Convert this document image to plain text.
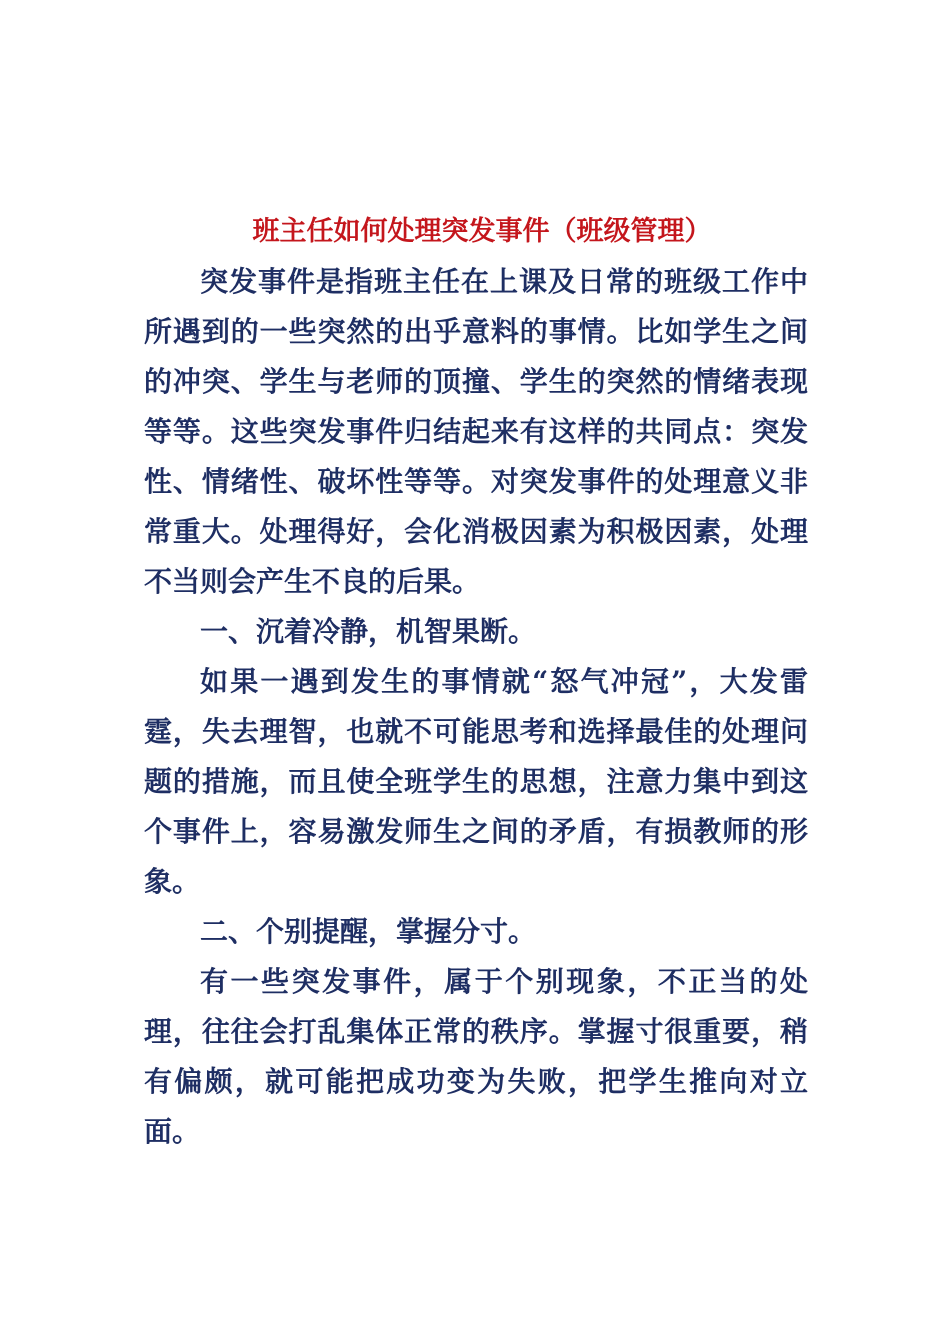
班主任如何处理突发事件（班级管理）

突发事件是指班主任在上课及日常的班级工作中所遇到的一些突然的出乎意料的事情。比如学生之间的冲突、学生与老师的顶撞、学生的突然的情绪表现等等。这些突发事件归结起来有这样的共同点：突发性、情绪性、破坏性等等。对突发事件的处理意义非常重大。处理得好，会化消极因素为积极因素，处理不当则会产生不良的后果。

一、沉着冷静，机智果断。

如果一遇到发生的事情就“怒气冲冠”，大发雷霆，失去理智，也就不可能思考和选择最佳的处理问题的措施，而且使全班学生的思想，注意力集中到这个事件上，容易激发师生之间的矛盾，有损教师的形象。

二、个别提醒，掌握分寸。

有一些突发事件，属于个别现象，不正当的处理，往往会打乱集体正常的秩序。掌握寸很重要，稍有偏颇，就可能把成功变为失败，把学生推向对立面。
